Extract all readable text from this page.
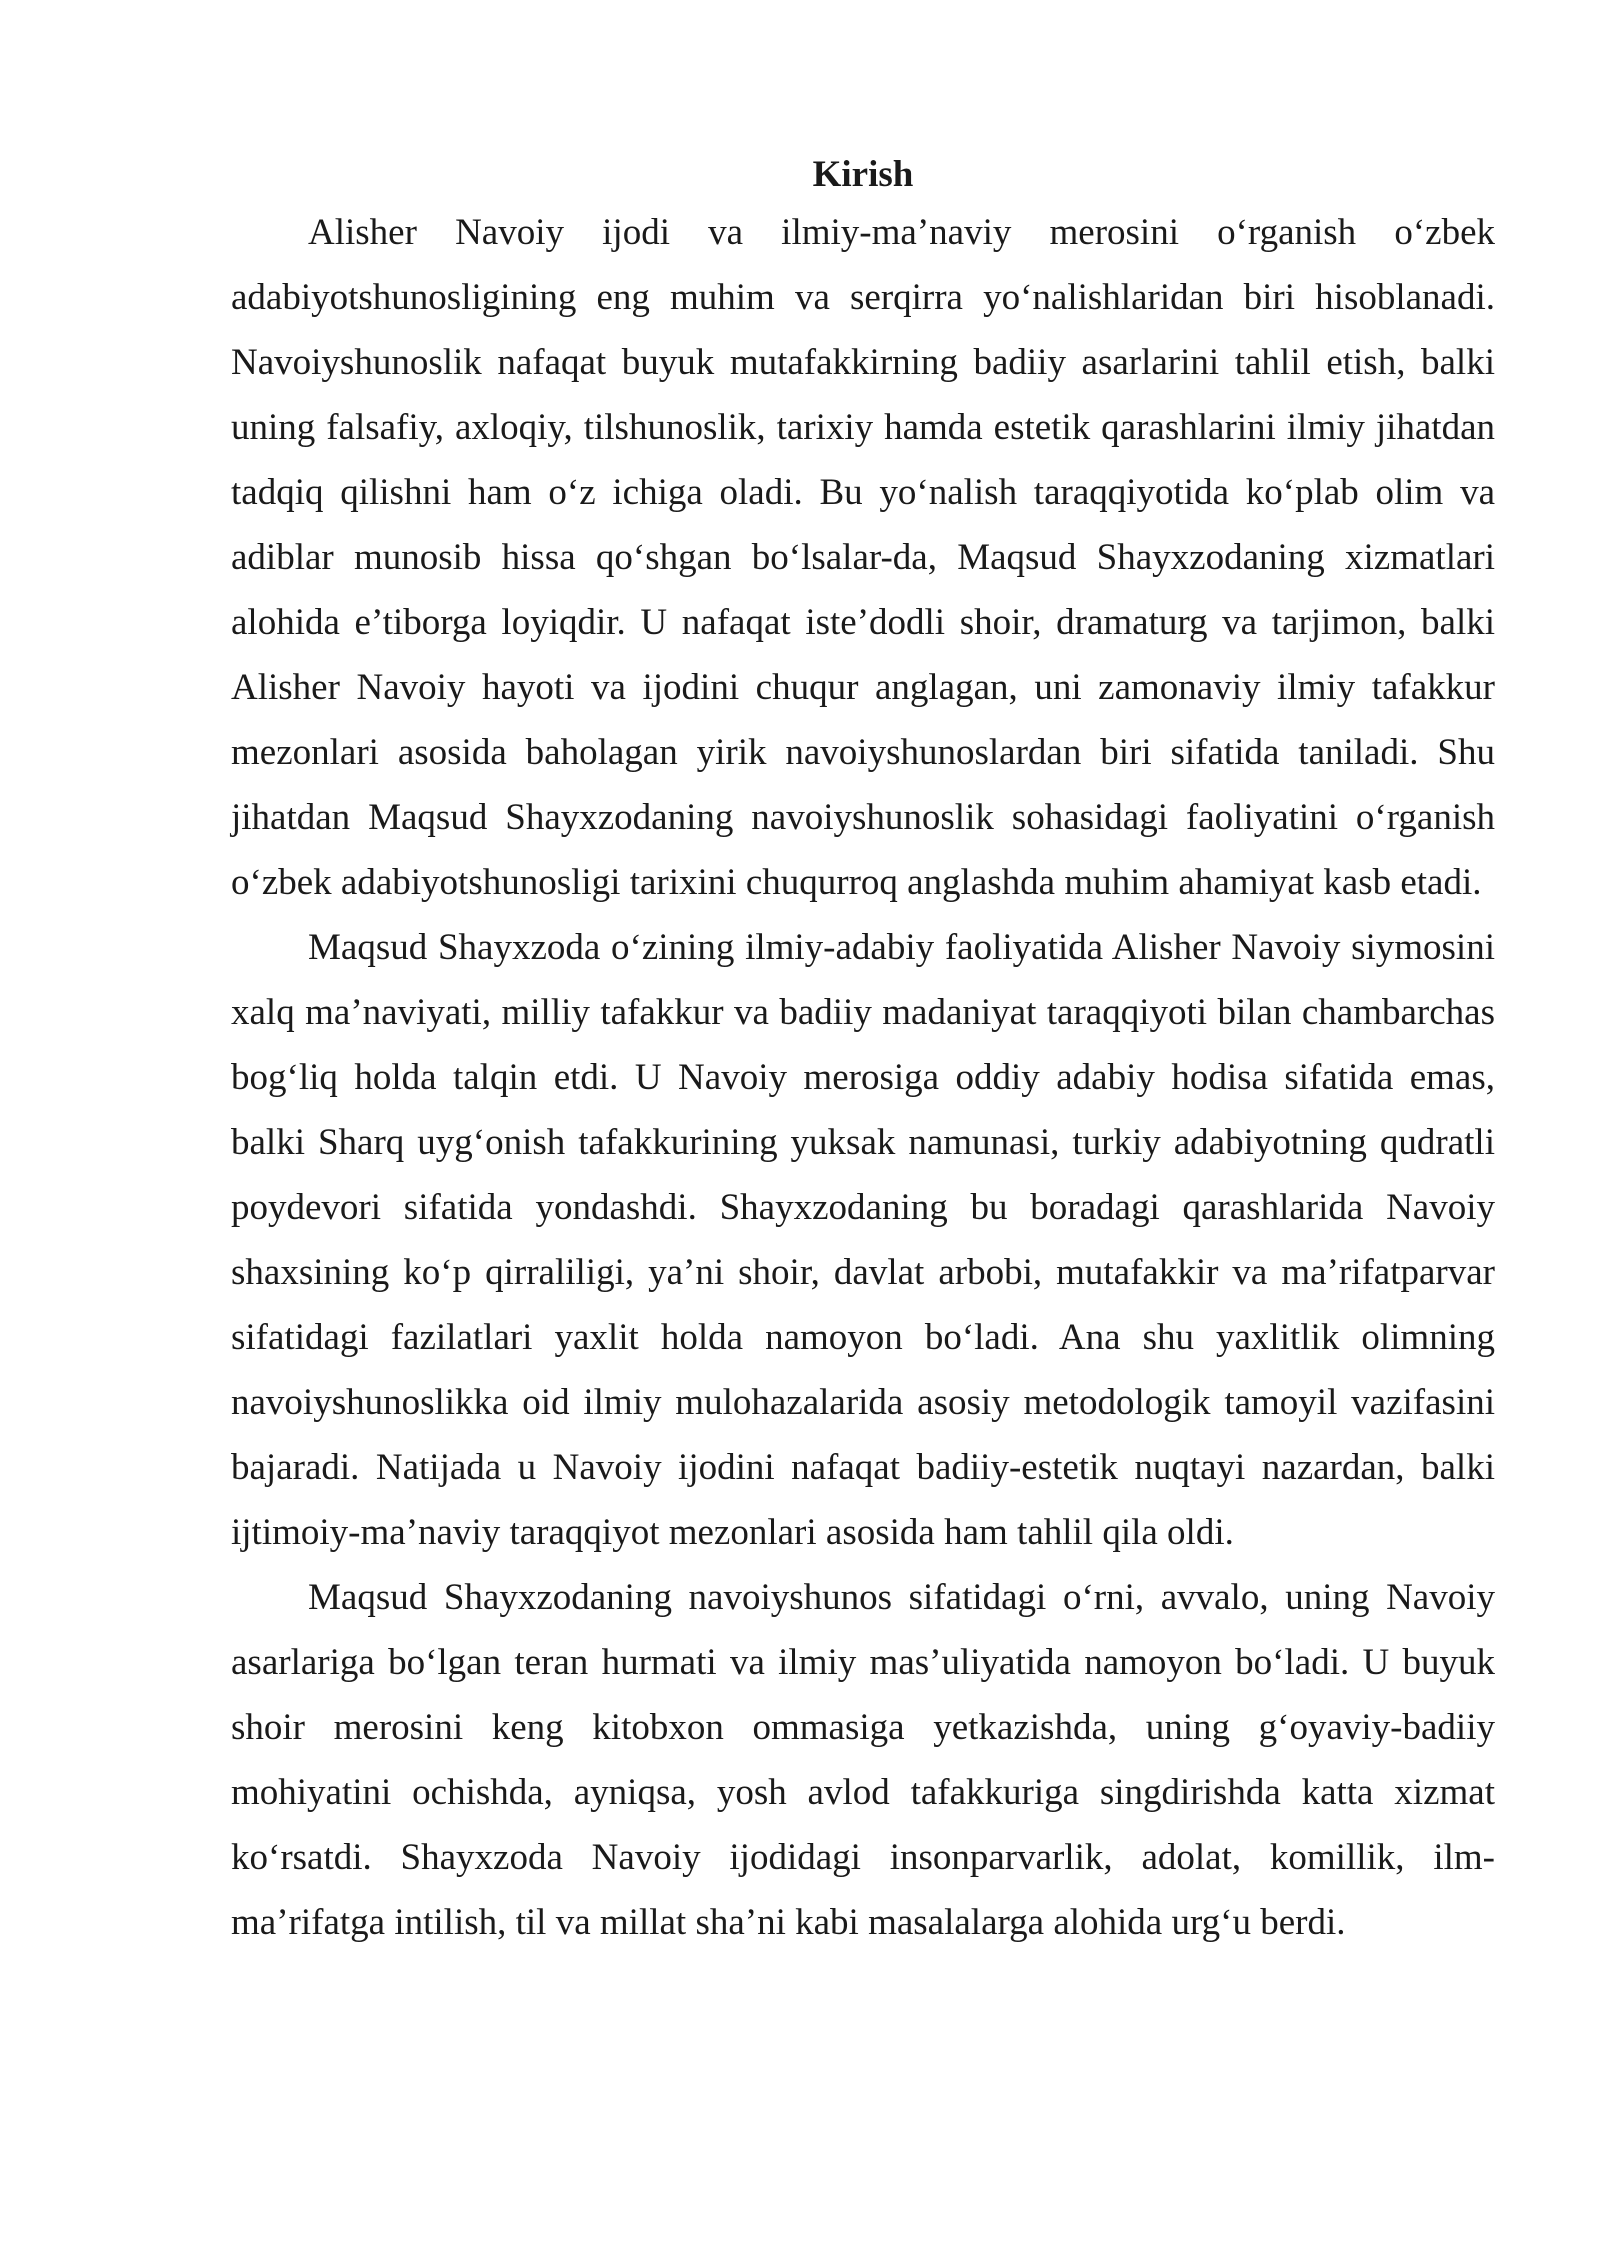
Kirish

Alisher Navoiy ijodi va ilmiy-ma’naviy merosini o‘rganish o‘zbek adabiyotshunosligining eng muhim va serqirra yo‘nalishlaridan biri hisoblanadi. Navoiyshunoslik nafaqat buyuk mutafakkirning badiiy asarlarini tahlil etish, balki uning falsafiy, axloqiy, tilshunoslik, tarixiy hamda estetik qarashlarini ilmiy jihatdan tadqiq qilishni ham o‘z ichiga oladi. Bu yo‘nalish taraqqiyotida ko‘plab olim va adiblar munosib hissa qo‘shgan bo‘lsalar-da, Maqsud Shayxzodaning xizmatlari alohida e’tiborga loyiqdir. U nafaqat iste’dodli shoir, dramaturg va tarjimon, balki Alisher Navoiy hayoti va ijodini chuqur anglagan, uni zamonaviy ilmiy tafakkur mezonlari asosida baholagan yirik navoiyshunoslardan biri sifatida taniladi. Shu jihatdan Maqsud Shayxzodaning navoiyshunoslik sohasidagi faoliyatini o‘rganish o‘zbek adabiyotshunosligi tarixini chuqurroq anglashda muhim ahamiyat kasb etadi.

Maqsud Shayxzoda o‘zining ilmiy-adabiy faoliyatida Alisher Navoiy siymosini xalq ma’naviyati, milliy tafakkur va badiiy madaniyat taraqqiyoti bilan chambarchas bog‘liq holda talqin etdi. U Navoiy merosiga oddiy adabiy hodisa sifatida emas, balki Sharq uyg‘onish tafakkurining yuksak namunasi, turkiy adabiyotning qudratli poydevori sifatida yondashdi. Shayxzodaning bu boradagi qarashlarida Navoiy shaxsining ko‘p qirraliligi, ya’ni shoir, davlat arbobi, mutafakkir va ma’rifatparvar sifatidagi fazilatlari yaxlit holda namoyon bo‘ladi. Ana shu yaxlitlik olimning navoiyshunoslikka oid ilmiy mulohazalarida asosiy metodologik tamoyil vazifasini bajaradi. Natijada u Navoiy ijodini nafaqat badiiy-estetik nuqtayi nazardan, balki ijtimoiy-ma’naviy taraqqiyot mezonlari asosida ham tahlil qila oldi.

Maqsud Shayxzodaning navoiyshunos sifatidagi o‘rni, avvalo, uning Navoiy asarlariga bo‘lgan teran hurmati va ilmiy mas’uliyatida namoyon bo‘ladi. U buyuk shoir merosini keng kitobxon ommasiga yetkazishda, uning g‘oyaviy-badiiy mohiyatini ochishda, ayniqsa, yosh avlod tafakkuriga singdirishda katta xizmat ko‘rsatdi. Shayxzoda Navoiy ijodidagi insonparvarlik, adolat, komillik, ilm-ma’rifatga intilish, til va millat sha’ni kabi masalalarga alohida urg‘u berdi.
